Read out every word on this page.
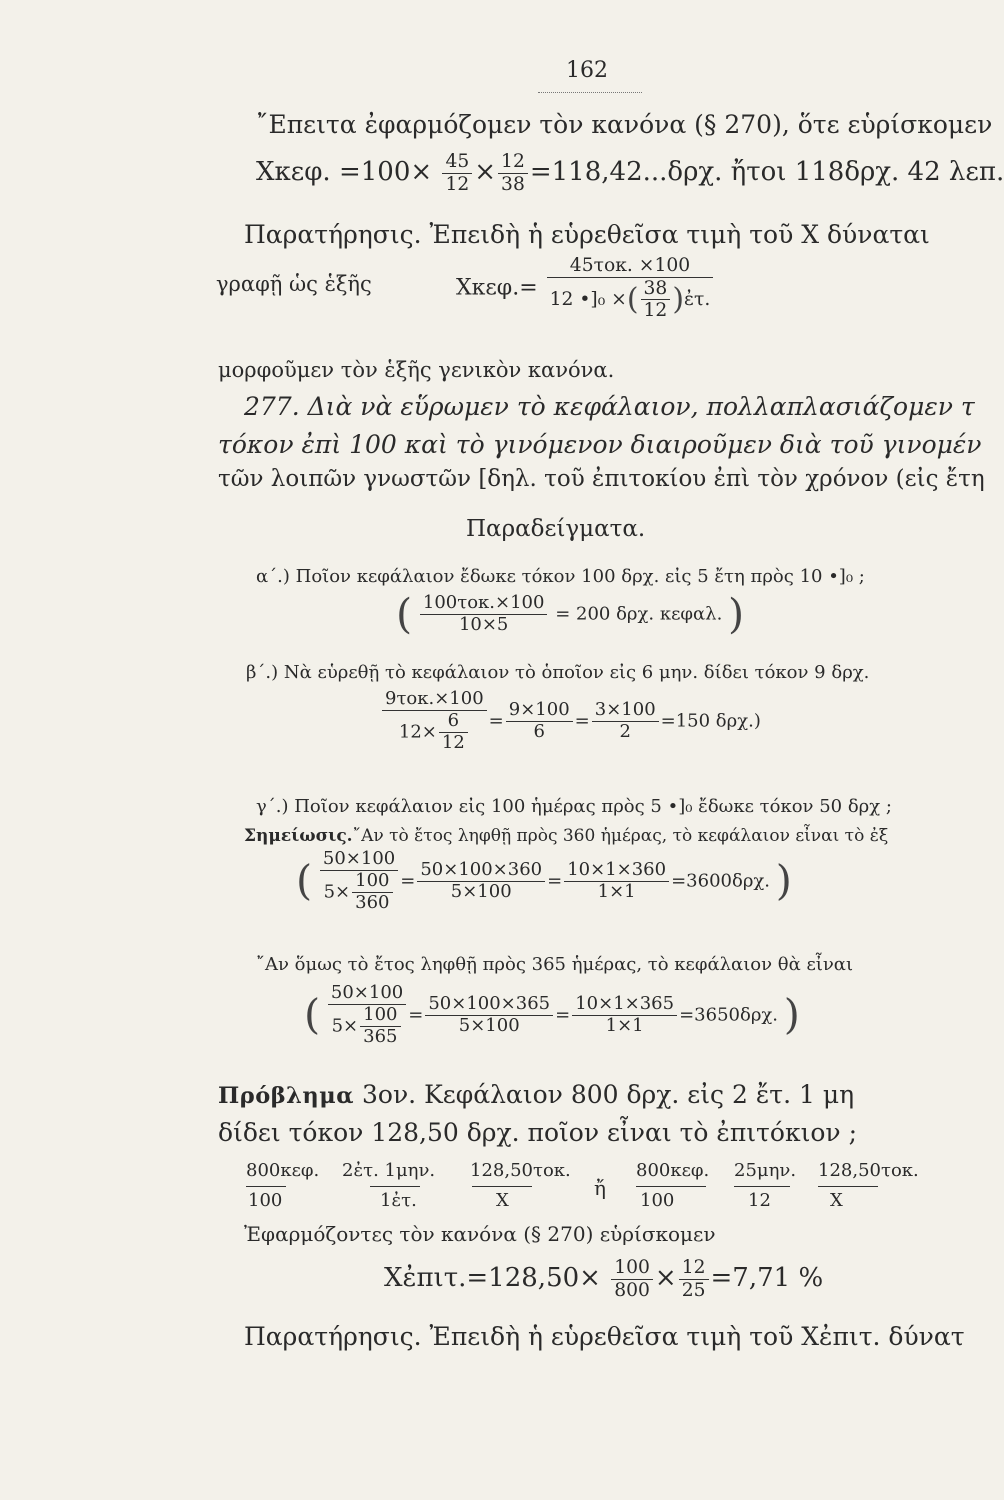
162
῎Επειτα ἐφαρμόζομεν τὸν κανόνα (§ 270), ὅτε εὑρίσκομεν
Xκεφ. $=100\times \frac{45}{12} \times \frac{12}{38} =118,42...\delta\rho\chi$. ἤτοι 118δρχ. 42 λεπ.
Παρατήρησις. Ἐπειδὴ ἡ εὑρεθεῖσα τιμὴ τοῦ X δύναται
γραφῇ ὡς ἑξῆς	$X\kappa\varepsilon\varphi.= \frac{\text{45τοκ. ×100}}{12 •]_0 \times( \frac{38}{12} )ἐ\tau.}$
μορφοῦμεν τὸν ἑξῆς γενικὸν κανόνα.
277. Διὰ νὰ εὕρωμεν τὸ κεφάλαιον, πολλαπλασιάζομεν τ
τόκον ἐπὶ 100 καὶ τὸ γινόμενον διαιροῦμεν διὰ τοῦ γινομέν
τῶν λοιπῶν γνωστῶν [δηλ. τοῦ ἐπιτοκίου ἐπὶ τὸν χρόνον (εἰς ἔτη
Παραδείγματα.
α΄.) Ποῖον κεφάλαιον ἔδωκε τόκον 100 δρχ. εἰς 5 ἔτη πρὸς 10 •]₀ ;
( $\frac{\text{100τοκ.×100}}{10\times 5} = 200$ δρχ. κεφαλ. )
β΄.) Νὰ εὑρεθῇ τὸ κεφάλαιον τὸ ὁποῖον εἰς 6 μην. δίδει τόκον 9 δρχ.
$\frac{\text{9τοκ.×100}}{12\times \frac{6}{12}} = \frac{9\times 100}{6} = \frac{3\times 100}{2} =150$ δρχ.)
γ΄.) Ποῖον κεφάλαιον εἰς 100 ἡμέρας πρὸς 5 •]₀ ἔδωκε τόκον 50 δρχ ;
Σημείωσις.῎Αν τὸ ἔτος ληφθῇ πρὸς 360 ἡμέρας, τὸ κεφάλαιον εἶναι τὸ ἐξ
( $\frac{50\times 100}{5\times \frac{100}{360}} = \frac{50\times 100\times 360}{5\times 100} = \frac{10\times 1\times 360}{1\times 1} =3600\delta\rho\chi$. )
῎Αν ὅμως τὸ ἔτος ληφθῇ πρὸς 365 ἡμέρας, τὸ κεφάλαιον θὰ εἶναι
( $\frac{50\times 100}{5\times \frac{100}{365}} = \frac{50\times 100\times 365}{5\times 100} = \frac{10\times 1\times 365}{1\times 1} =3650\delta\rho\chi$. )
Πρόβλημα 3ον. Κεφάλαιον 800 δρχ. εἰς 2 ἔτ. 1 μη
δίδει τόκον 128,50 δρχ. ποῖον εἶναι τὸ ἐπιτόκιον ;
800κεφ. 2ἐτ. 1μην. 128,50τοκ.
100	1ἐτ.	X
ἤ
800κεφ. 25μην. 128,50τοκ.
100	12	X
Ἐφαρμόζοντες τὸν κανόνα (§ 270) εὑρίσκομεν
Xἐπιτ.=128,50× $\frac{100}{800} \times \frac{12}{25} =7,71$ %
Παρατήρησις. Ἐπειδὴ ἡ εὑρεθεῖσα τιμὴ τοῦ Xἐπιτ. δύνατ
